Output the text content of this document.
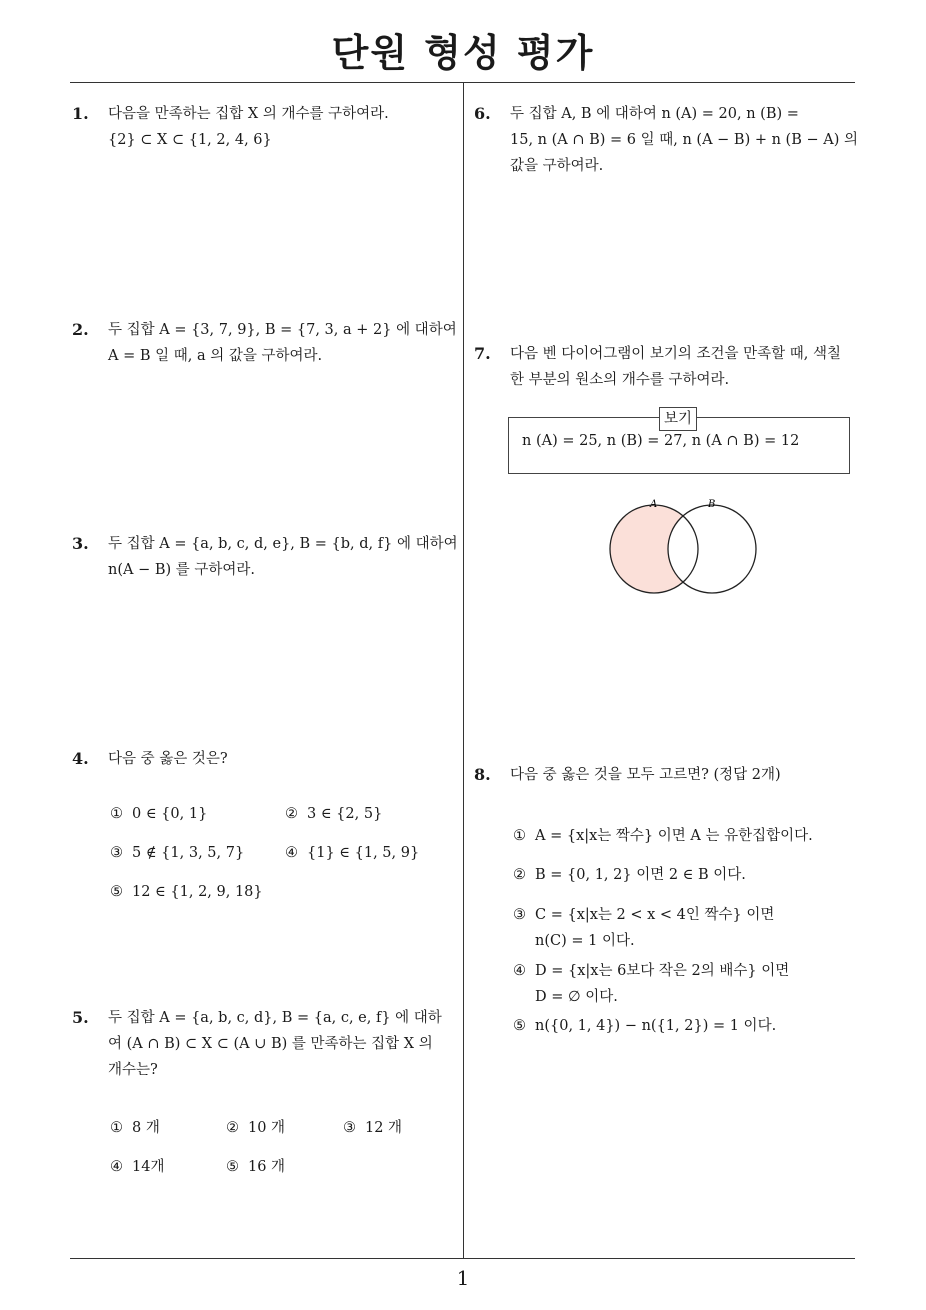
단원 형성 평가
1
1. 다음을 만족하는 집합 X 의 개수를 구하여라.
{2} ⊂ X ⊂ {1, 2, 4, 6}
2. 두 집합 A = {3, 7, 9}, B = {7, 3, a + 2} 에 대하여
A = B 일 때, a 의 값을 구하여라.
3. 두 집합 A = {a, b, c, d, e}, B = {b, d, f} 에 대하여
n(A − B) 를 구하여라.
4. 다음 중 옳은 것은?
① 0 ∈ {0, 1}	② 3 ∈ {2, 5}
③ 5 ∉ {1, 3, 5, 7}	④ {1} ∈ {1, 5, 9}
⑤ 12 ∈ {1, 2, 9, 18}
5. 두 집합 A = {a, b, c, d}, B = {a, c, e, f} 에 대하
여 (A ∩ B) ⊂ X ⊂ (A ∪ B) 를 만족하는 집합 X 의
개수는?
① 8 개	② 10 개	③ 12 개
④ 14개	⑤ 16 개
6. 두 집합 A, B 에 대하여 n (A) = 20, n (B) =
15, n (A ∩ B) = 6 일 때, n (A − B) + n (B − A) 의
값을 구하여라.
7. 다음 벤 다이어그램이 보기의 조건을 만족할 때, 색칠
한 부분의 원소의 개수를 구하여라.
보기
n (A) = 25, n (B) = 27, n (A ∩ B) = 12
A	B
8. 다음 중 옳은 것을 모두 고르면? (정답 2개)
① A = {x|x는 짝수} 이면 A 는 유한집합이다.
② B = {0, 1, 2} 이면 2 ∈ B 이다.
③ C = {x|x는 2 < x < 4인 짝수} 이면
n(C) = 1 이다.
④ D = {x|x는 6보다 작은 2의 배수} 이면
D = ∅ 이다.
⑤ n({0, 1, 4}) − n({1, 2}) = 1 이다.
